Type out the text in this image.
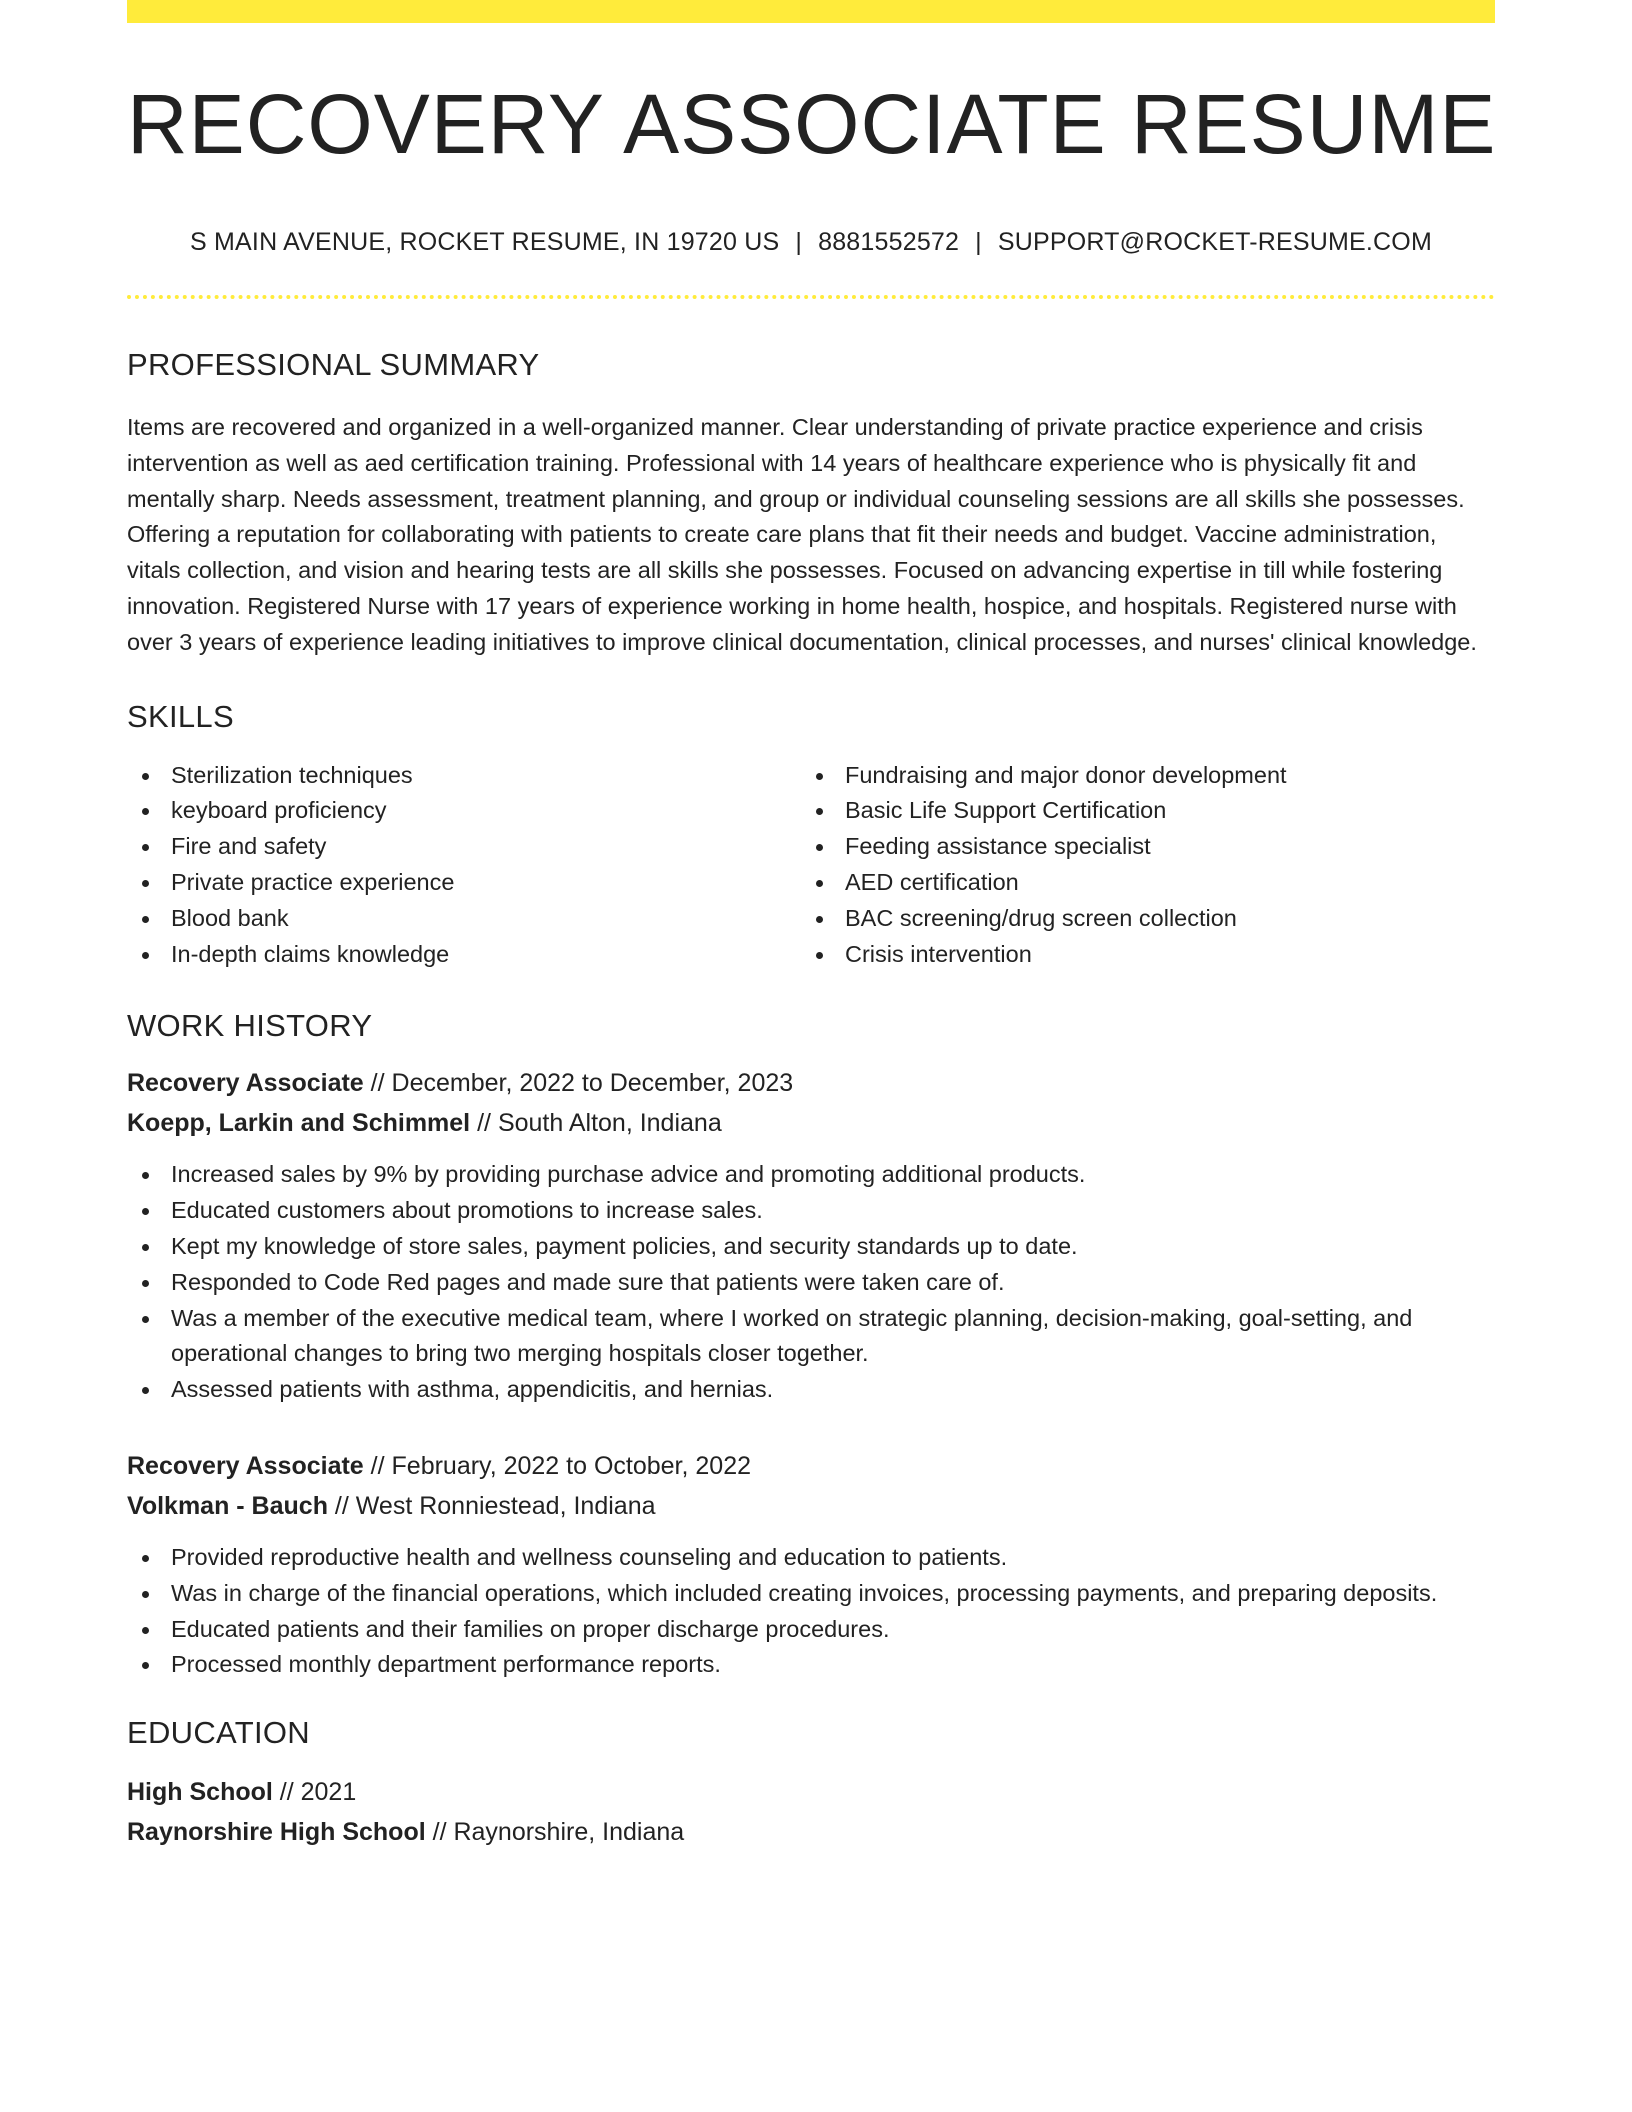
RECOVERY ASSOCIATE RESUME
S MAIN AVENUE, ROCKET RESUME, IN 19720 US | 8881552572 | SUPPORT@ROCKET-RESUME.COM
PROFESSIONAL SUMMARY

Items are recovered and organized in a well-organized manner. Clear understanding of private practice experience and crisis intervention as well as aed certification training. Professional with 14 years of healthcare experience who is physically fit and mentally sharp. Needs assessment, treatment planning, and group or individual counseling sessions are all skills she possesses. Offering a reputation for collaborating with patients to create care plans that fit their needs and budget. Vaccine administration, vitals collection, and vision and hearing tests are all skills she possesses. Focused on advancing expertise in till while fostering innovation. Registered Nurse with 17 years of experience working in home health, hospice, and hospitals. Registered nurse with over 3 years of experience leading initiatives to improve clinical documentation, clinical processes, and nurses' clinical knowledge.

SKILLS
Sterilization techniques
keyboard proficiency
Fire and safety
Private practice experience
Blood bank
In-depth claims knowledge
Fundraising and major donor development
Basic Life Support Certification
Feeding assistance specialist
AED certification
BAC screening/drug screen collection
Crisis intervention
WORK HISTORY
Recovery Associate // December, 2022 to December, 2023
Koepp, Larkin and Schimmel // South Alton, Indiana
Increased sales by 9% by providing purchase advice and promoting additional products.
Educated customers about promotions to increase sales.
Kept my knowledge of store sales, payment policies, and security standards up to date.
Responded to Code Red pages and made sure that patients were taken care of.
Was a member of the executive medical team, where I worked on strategic planning, decision-making, goal-setting, and operational changes to bring two merging hospitals closer together.
Assessed patients with asthma, appendicitis, and hernias.
Recovery Associate // February, 2022 to October, 2022
Volkman - Bauch // West Ronniestead, Indiana
Provided reproductive health and wellness counseling and education to patients.
Was in charge of the financial operations, which included creating invoices, processing payments, and preparing deposits.
Educated patients and their families on proper discharge procedures.
Processed monthly department performance reports.
EDUCATION
High School // 2021
Raynorshire High School // Raynorshire, Indiana
